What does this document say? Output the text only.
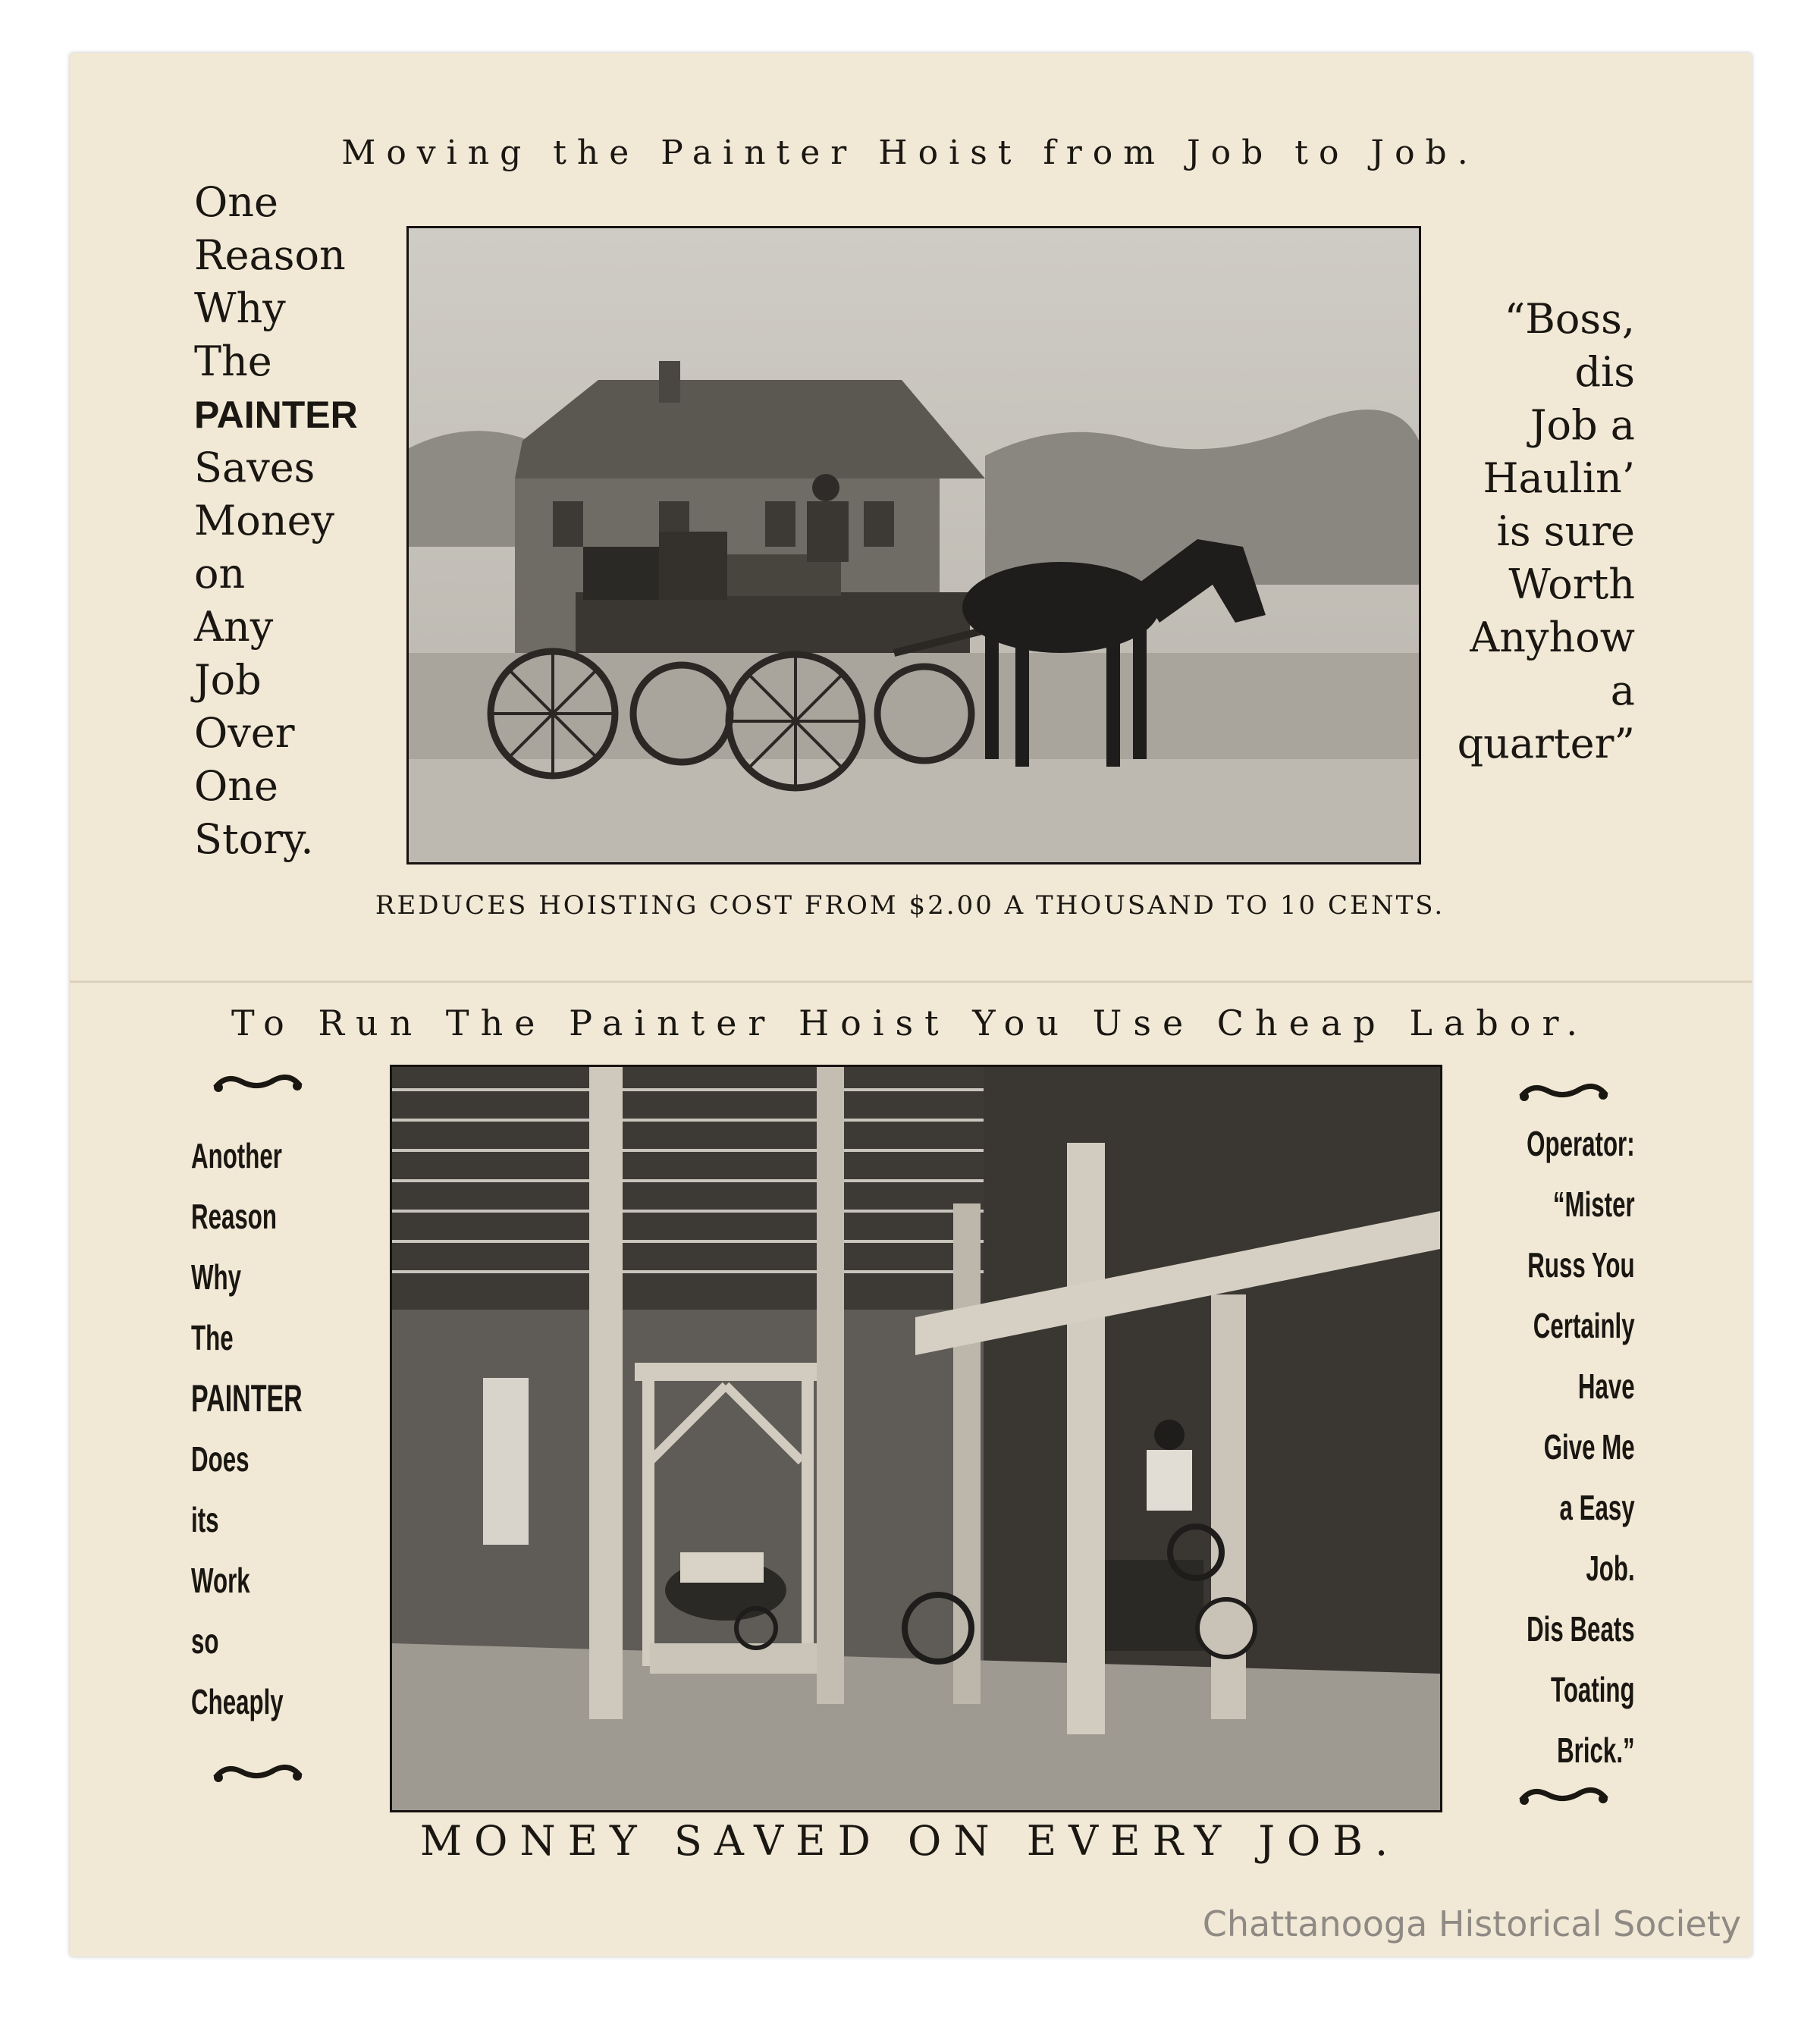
Moving the Painter Hoist from Job to Job.
One
Reason
Why
The
PAINTER
Saves
Money
on
Any
Job
Over
One
Story.
“Boss,
dis
Job a
Haulin’
is sure
Worth
Anyhow
a
quarter”
REDUCES HOISTING COST FROM $2.00 A THOUSAND TO 10 CENTS.
To Run The Painter Hoist You Use Cheap Labor.
Another
Reason
Why
The
PAINTER
Does
its
Work
so
Cheaply
Operator:
“Mister
Russ You
Certainly
Have
Give Me
a Easy
Job.
Dis Beats
Toating
Brick.”
MONEY SAVED ON EVERY JOB.
Chattanooga Historical Society
